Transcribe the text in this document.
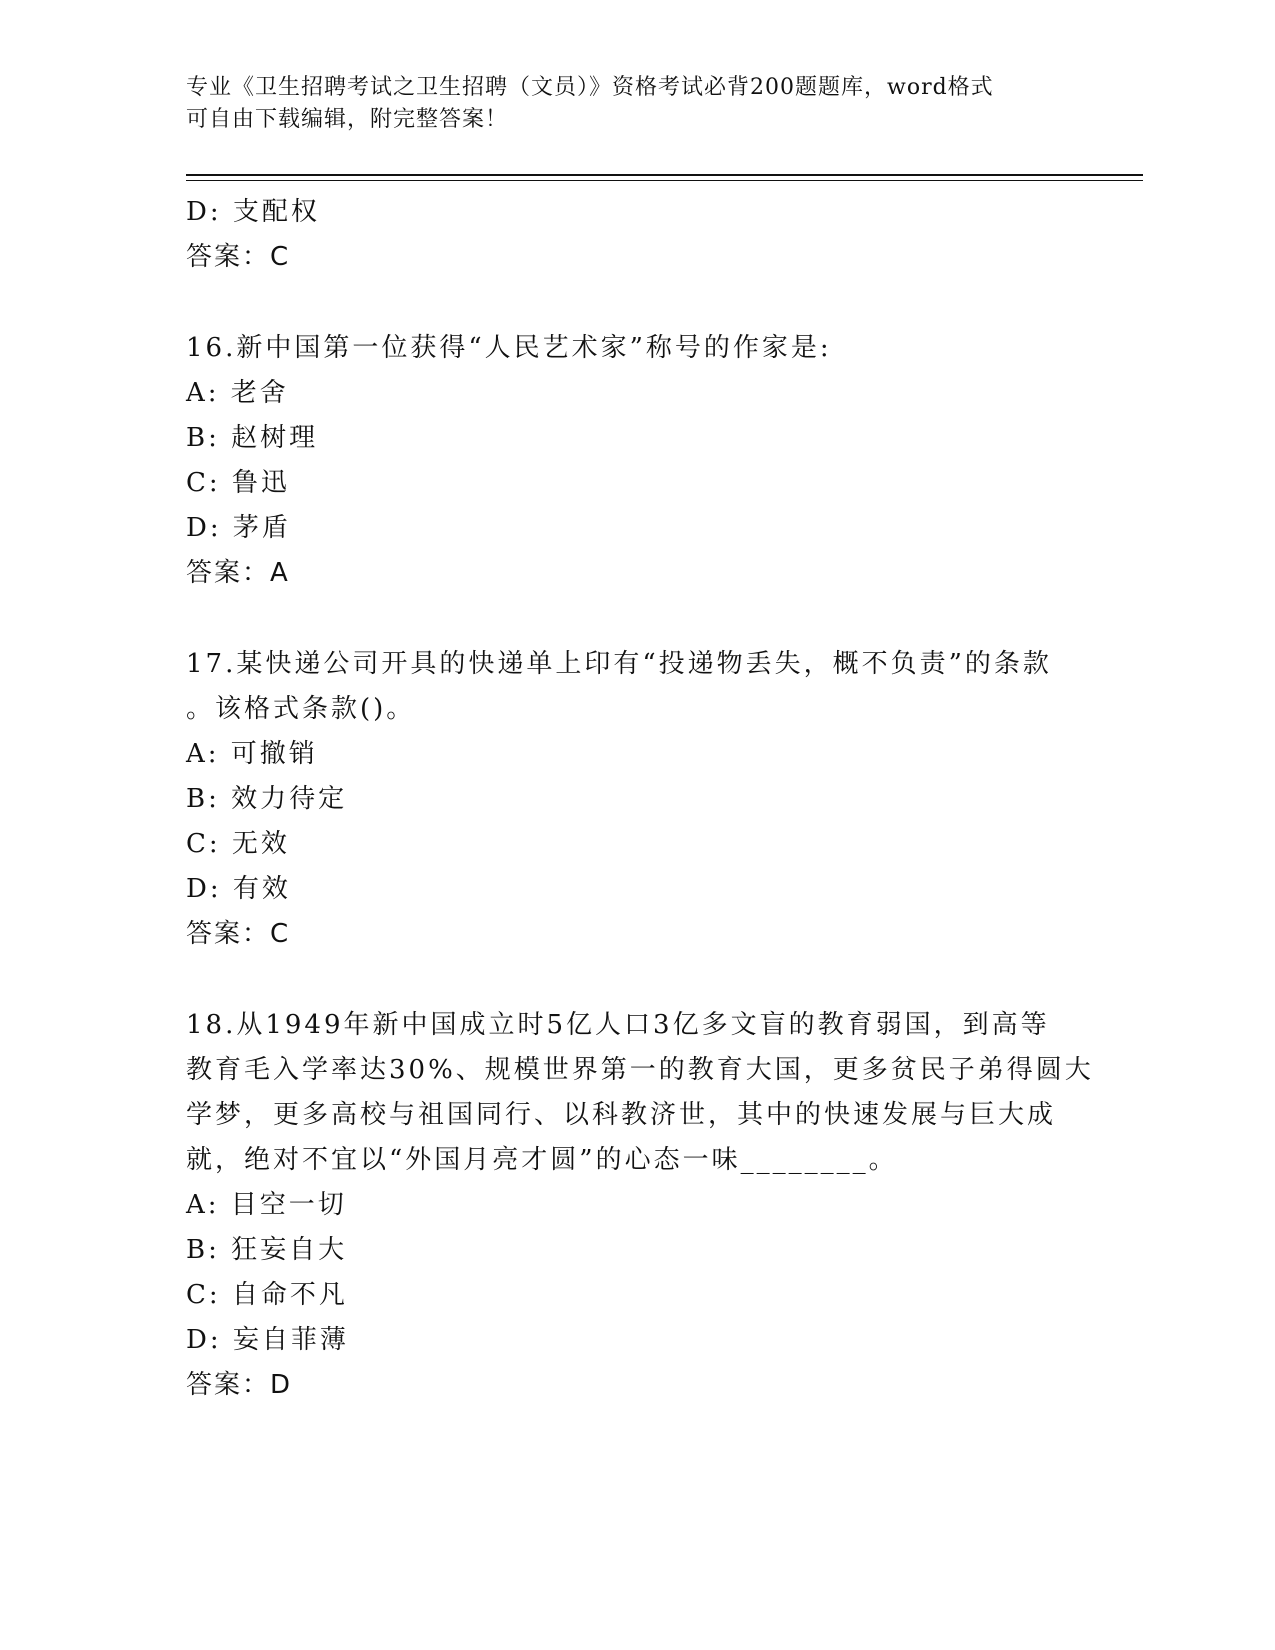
专业《卫生招聘考试之卫生招聘（文员）》资格考试必背200题题库，word格式
可自由下载编辑，附完整答案！
D: 支配权
答案：C
16.新中国第一位获得“人民艺术家”称号的作家是:
A: 老舍
B: 赵树理
C: 鲁迅
D: 茅盾
答案：A
17.某快递公司开具的快递单上印有“投递物丢失，概不负责”的条款
。该格式条款()。
A: 可撤销
B: 效力待定
C: 无效
D: 有效
答案：C
18.从1949年新中国成立时5亿人口3亿多文盲的教育弱国，到高等
教育毛入学率达30%、规模世界第一的教育大国，更多贫民子弟得圆大
学梦，更多高校与祖国同行、以科教济世，其中的快速发展与巨大成
就，绝对不宜以“外国月亮才圆”的心态一味________。
A: 目空一切
B: 狂妄自大
C: 自命不凡
D: 妄自菲薄
答案：D
